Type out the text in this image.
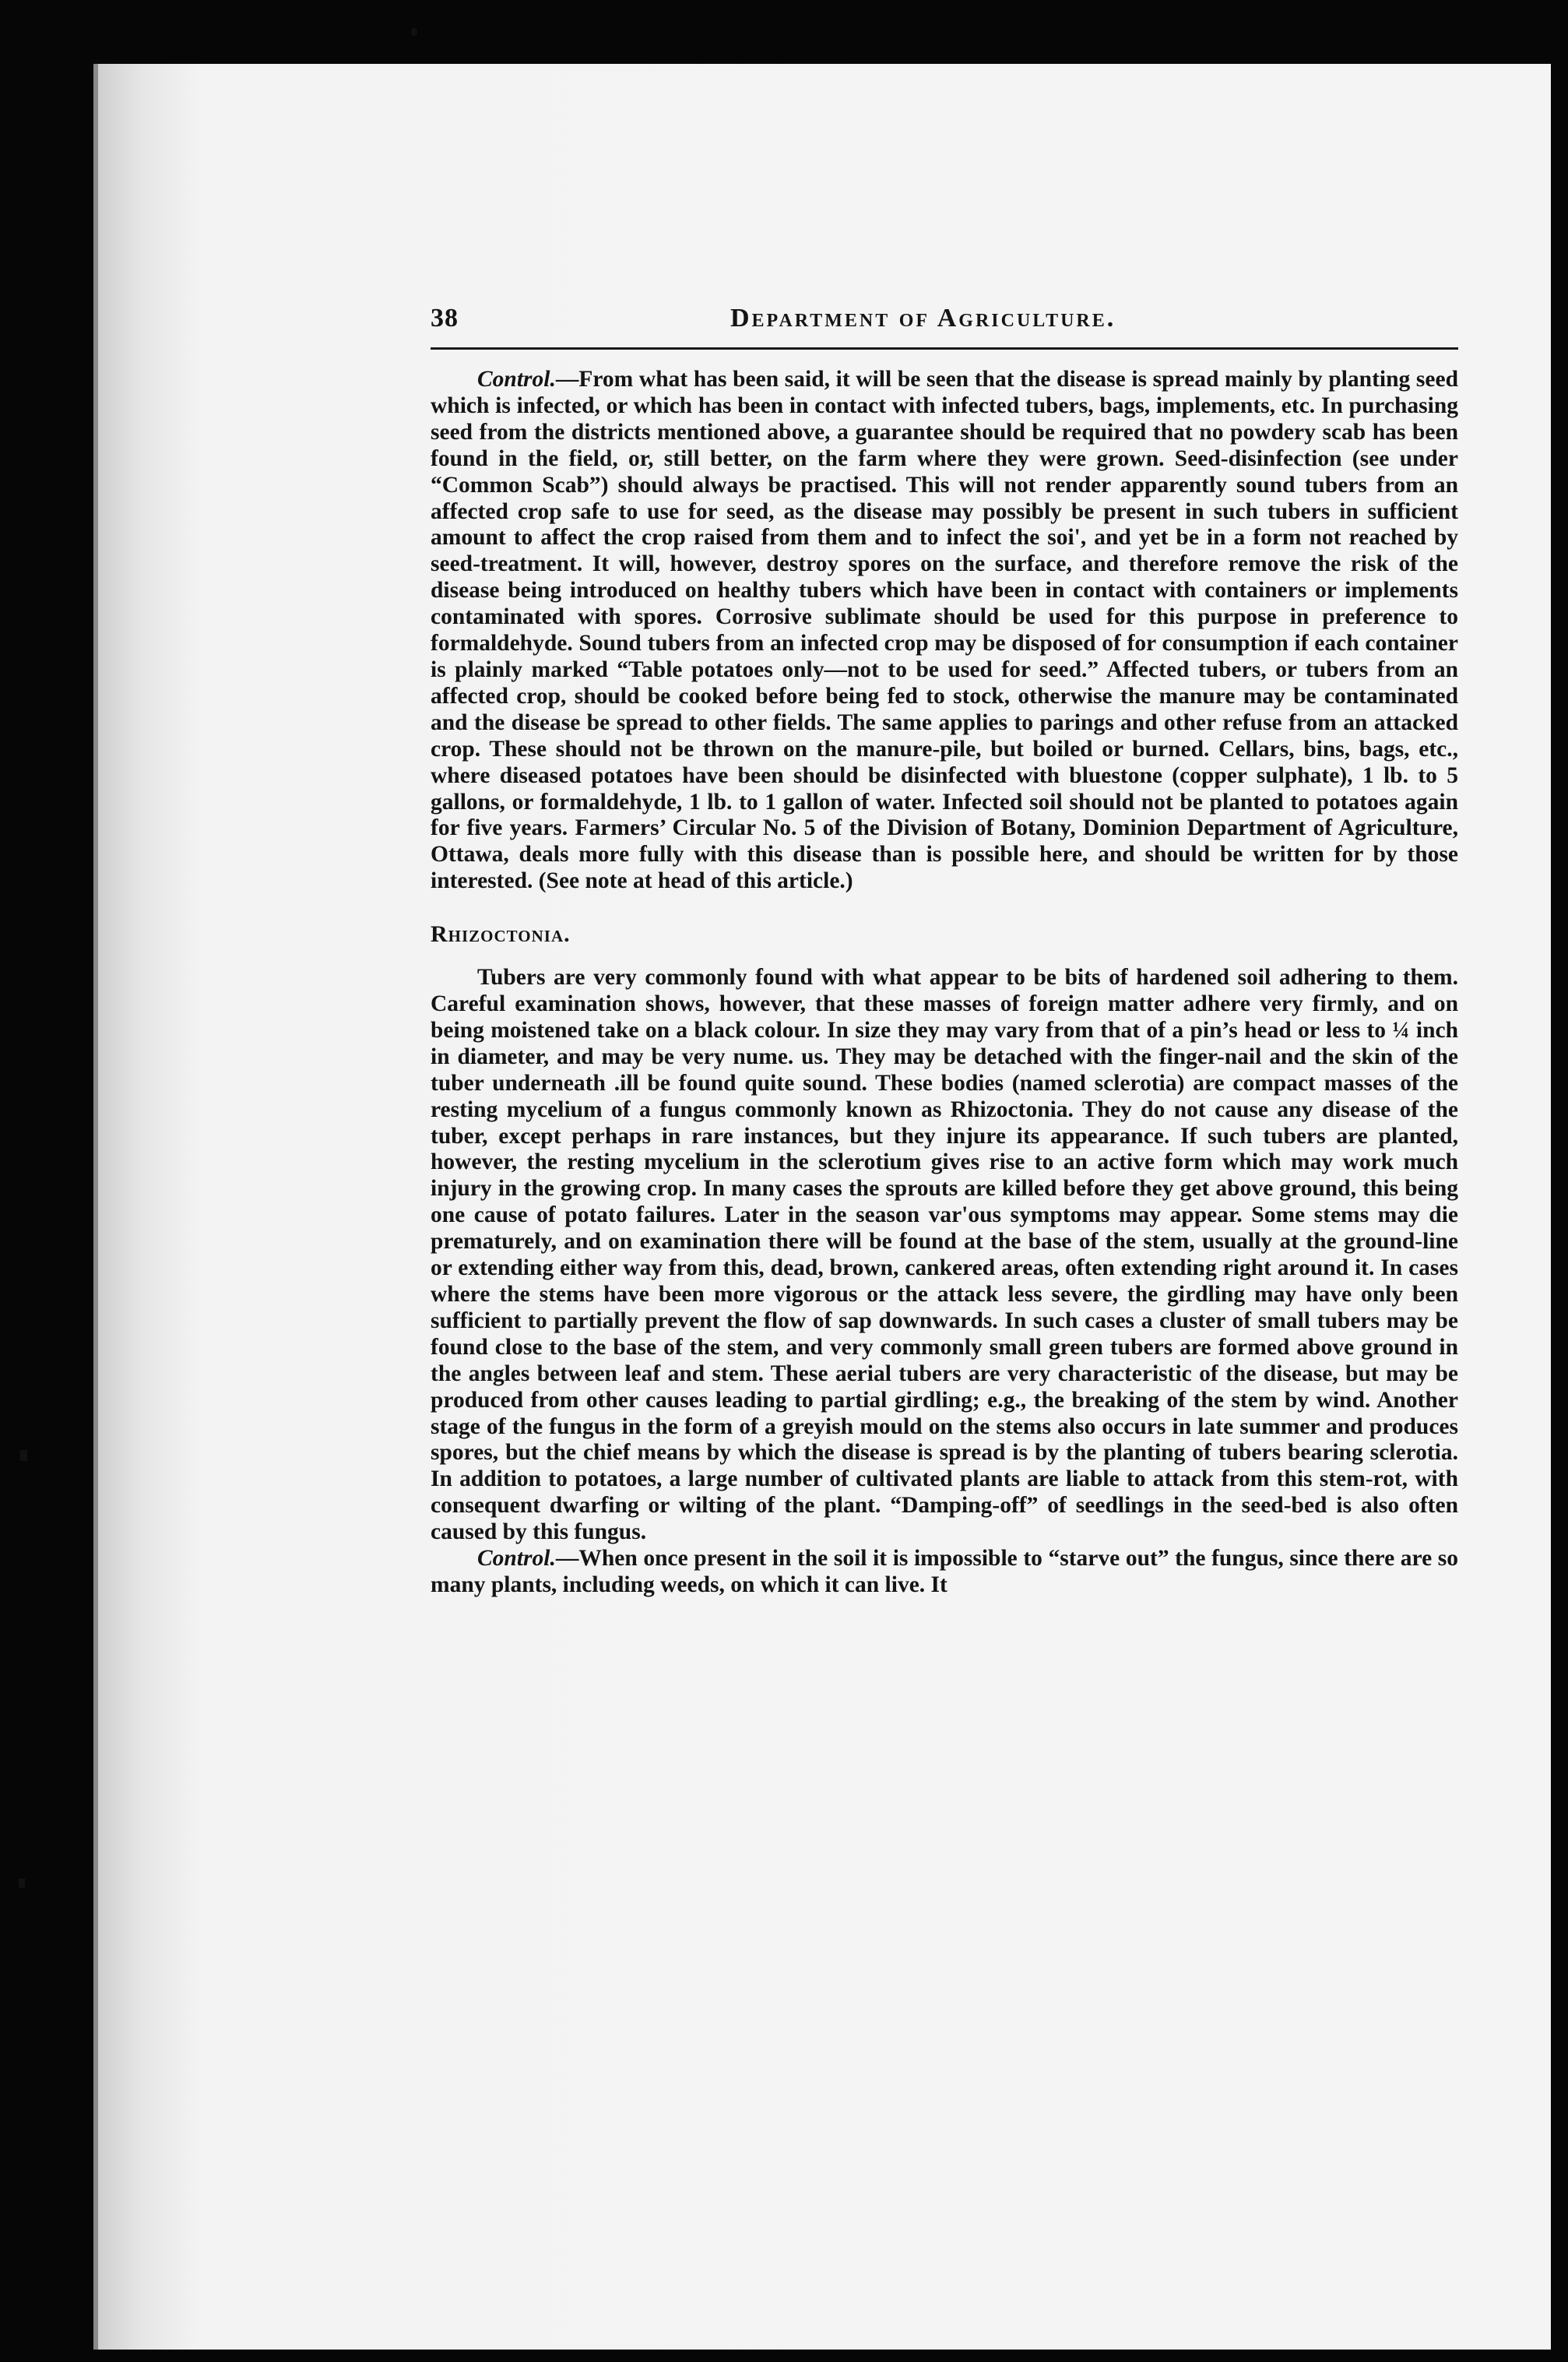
38	Department of Agriculture.

Control.—From what has been said, it will be seen that the disease is spread mainly by planting seed which is infected, or which has been in contact with infected tubers, bags, implements, etc. In purchasing seed from the districts mentioned above, a guarantee should be required that no powdery scab has been found in the field, or, still better, on the farm where they were grown. Seed-disinfection (see under “Common Scab”) should always be practised. This will not render apparently sound tubers from an affected crop safe to use for seed, as the disease may possibly be present in such tubers in sufficient amount to affect the crop raised from them and to infect the soi', and yet be in a form not reached by seed-treatment. It will, however, destroy spores on the surface, and therefore remove the risk of the disease being introduced on healthy tubers which have been in contact with containers or implements contaminated with spores. Corrosive sublimate should be used for this purpose in preference to formaldehyde. Sound tubers from an infected crop may be disposed of for consumption if each container is plainly marked “Table potatoes only—not to be used for seed.” Affected tubers, or tubers from an affected crop, should be cooked before being fed to stock, otherwise the manure may be contaminated and the disease be spread to other fields. The same applies to parings and other refuse from an attacked crop. These should not be thrown on the manure-pile, but boiled or burned. Cellars, bins, bags, etc., where diseased potatoes have been should be disinfected with bluestone (copper sulphate), 1 lb. to 5 gallons, or formaldehyde, 1 lb. to 1 gallon of water. Infected soil should not be planted to potatoes again for five years. Farmers’ Circular No. 5 of the Division of Botany, Dominion Department of Agriculture, Ottawa, deals more fully with this disease than is possible here, and should be written for by those interested. (See note at head of this article.)

Rhizoctonia.

Tubers are very commonly found with what appear to be bits of hardened soil adhering to them. Careful examination shows, however, that these masses of foreign matter adhere very firmly, and on being moistened take on a black colour. In size they may vary from that of a pin’s head or less to ¼ inch in diameter, and may be very nume. us. They may be detached with the finger-nail and the skin of the tuber underneath .ill be found quite sound. These bodies (named sclerotia) are compact masses of the resting mycelium of a fungus commonly known as Rhizoctonia. They do not cause any disease of the tuber, except perhaps in rare instances, but they injure its appearance. If such tubers are planted, however, the resting mycelium in the sclerotium gives rise to an active form which may work much injury in the growing crop. In many cases the sprouts are killed before they get above ground, this being one cause of potato failures. Later in the season var'ous symptoms may appear. Some stems may die prematurely, and on examination there will be found at the base of the stem, usually at the ground-line or extending either way from this, dead, brown, cankered areas, often extending right around it. In cases where the stems have been more vigorous or the attack less severe, the girdling may have only been sufficient to partially prevent the flow of sap downwards. In such cases a cluster of small tubers may be found close to the base of the stem, and very commonly small green tubers are formed above ground in the angles between leaf and stem. These aerial tubers are very characteristic of the disease, but may be produced from other causes leading to partial girdling; e.g., the breaking of the stem by wind. Another stage of the fungus in the form of a greyish mould on the stems also occurs in late summer and produces spores, but the chief means by which the disease is spread is by the planting of tubers bearing sclerotia. In addition to potatoes, a large number of cultivated plants are liable to attack from this stem-rot, with consequent dwarfing or wilting of the plant. “Damping-off” of seedlings in the seed-bed is also often caused by this fungus.

Control.—When once present in the soil it is impossible to “starve out” the fungus, since there are so many plants, including weeds, on which it can live. It
